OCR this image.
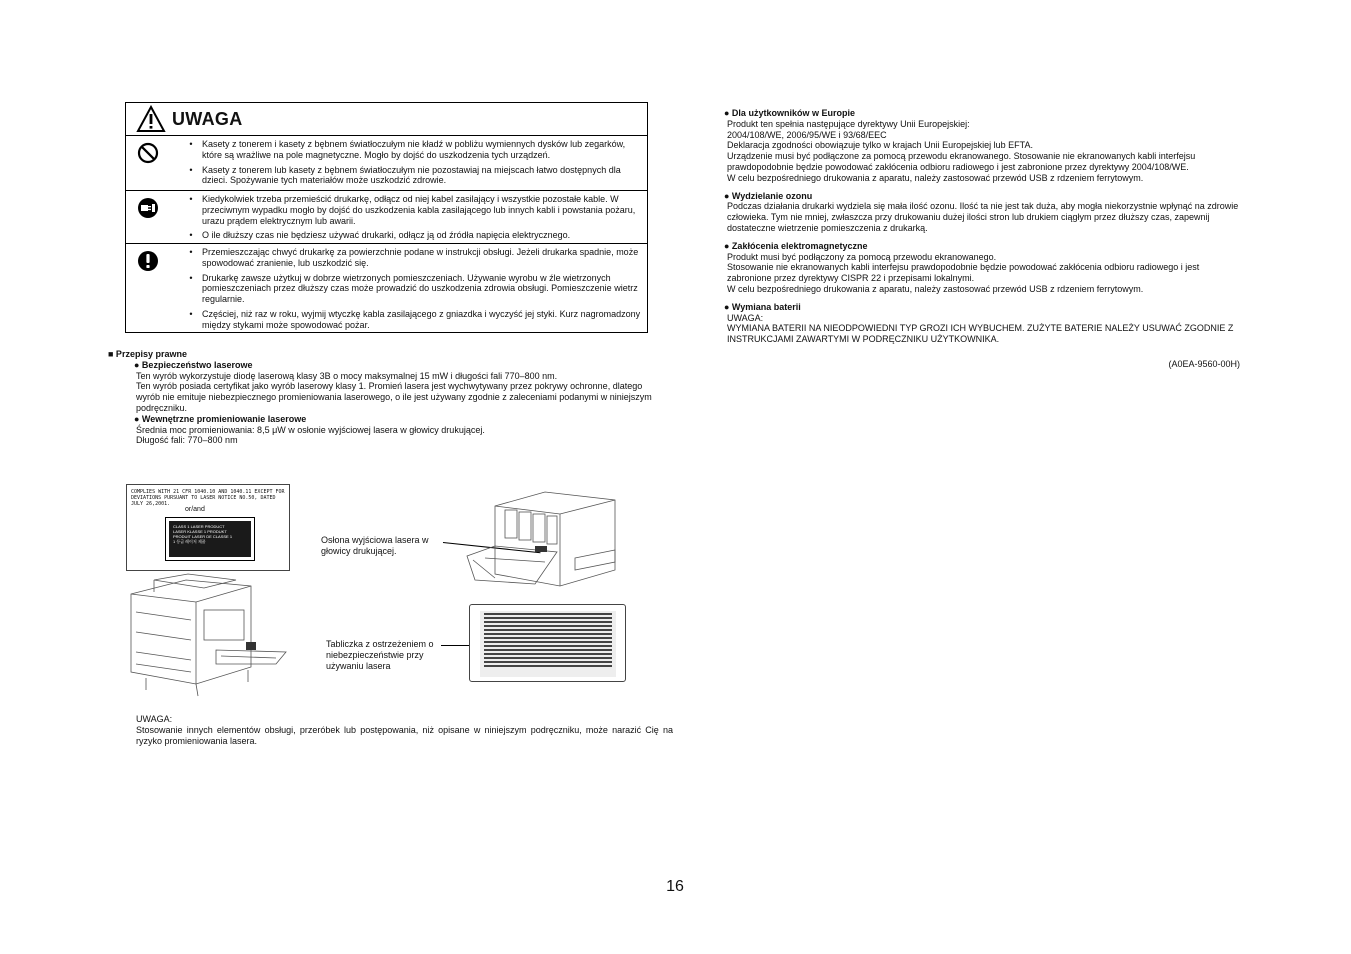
UWAGA
•	Kasety z tonerem i kasety z bębnem światłoczułym nie kładź w pobliżu wymiennych dysków lub zegarków, które są wrażliwe na pole magnetyczne. Mogło by dojść do uszkodzenia tych urządzeń.
•	Kasety z tonerem lub kasety z bębnem światłoczułym nie pozostawiaj na miejscach łatwo dostępnych dla dzieci. Spożywanie tych materiałów może uszkodzić zdrowie.
•	Kiedykolwiek trzeba przemieścić drukarkę, odłącz od niej kabel zasilający i wszystkie pozostałe kable. W przeciwnym wypadku mogło by dojść do uszkodzenia kabla zasilającego lub innych kabli i powstania pożaru, urazu prądem elektrycznym lub awarii.
•	O ile dłuższy czas nie będziesz używać drukarki, odłącz ją od źródła napięcia elektrycznego.
•	Przemieszczając chwyć drukarkę za powierzchnie podane w instrukcji obsługi. Jeżeli drukarka spadnie, może spowodować zranienie, lub uszkodzić się.
•	Drukarkę zawsze użytkuj w dobrze wietrzonych pomieszczeniach. Używanie wyrobu w źle wietrzonych pomieszczeniach przez dłuższy czas może prowadzić do uszkodzenia zdrowia obsługi. Pomieszczenie wietrz regularnie.
•	Częściej, niż raz w roku, wyjmij wtyczkę kabla zasilającego z gniazdka i wyczyść jej styki. Kurz nagromadzony między stykami może spowodować pożar.
■ Przepisy prawne
● Bezpieczeństwo laserowe
Ten wyrób wykorzystuje diodę laserową klasy 3B o mocy maksymalnej 15 mW i długości fali 770–800 nm.
Ten wyrób posiada certyfikat jako wyrób laserowy klasy 1. Promień lasera jest wychwytywany przez pokrywy ochronne, dlatego wyrób nie emituje niebezpiecznego promieniowania laserowego, o ile jest używany zgodnie z zaleceniami podanymi w niniejszym podręczniku.
● Wewnętrzne promieniowanie laserowe
Średnia moc promieniowania: 8,5 μW w osłonie wyjściowej lasera w głowicy drukującej.
Długość fali: 770–800 nm
COMPLIES WITH 21 CFR 1040.10 AND 1040.11 EXCEPT FOR DEVIATIONS PURSUANT TO LASER NOTICE NO.50, DATED JULY 26,2001.
or/and
CLASS 1 LASER PRODUCT
LASER KLASSE 1 PRODUKT
PRODUIT LASER DE CLASSE 1
1 등급 레이저 제품	Osłona wyjściowa lasera w głowicy drukującej.
Tabliczka z ostrzeżeniem o niebezpieczeństwie przy używaniu lasera
UWAGA:
Stosowanie innych elementów obsługi, przeróbek lub postępowania, niż opisane w niniejszym podręczniku, może narazić Cię na ryzyko promieniowania lasera.
● Dla użytkowników w Europie
Produkt ten spełnia następujące dyrektywy Unii Europejskiej:
2004/108/WE, 2006/95/WE i 93/68/EEC
Deklaracja zgodności obowiązuje tylko w krajach Unii Europejskiej lub EFTA.
Urządzenie musi być podłączone za pomocą przewodu ekranowanego. Stosowanie nie ekranowanych kabli interfejsu prawdopodobnie będzie powodować zakłócenia odbioru radiowego i jest zabronione przez dyrektywy 2004/108/WE.
W celu bezpośredniego drukowania z aparatu, należy zastosować przewód USB z rdzeniem ferrytowym.
● Wydzielanie ozonu
Podczas działania drukarki wydziela się mała ilość ozonu. Ilość ta nie jest tak duża, aby mogła niekorzystnie wpłynąć na zdrowie człowieka. Tym nie mniej, zwłaszcza przy drukowaniu dużej ilości stron lub drukiem ciągłym przez dłuższy czas, zapewnij dostateczne wietrzenie pomieszczenia z drukarką.
● Zakłócenia elektromagnetyczne
Produkt musi być podłączony za pomocą przewodu ekranowanego.
Stosowanie nie ekranowanych kabli interfejsu prawdopodobnie będzie powodować zakłócenia odbioru radiowego i jest zabronione przez dyrektywy CISPR 22 i przepisami lokalnymi.
W celu bezpośredniego drukowania z aparatu, należy zastosować przewód USB z rdzeniem ferrytowym.
● Wymiana baterii
UWAGA:
WYMIANA BATERII NA NIEODPOWIEDNI TYP GROZI ICH WYBUCHEM. ZUŻYTE BATERIE NALEŻY USUWAĆ ZGODNIE Z INSTRUKCJAMI ZAWARTYMI W PODRĘCZNIKU UŻYTKOWNIKA.
(A0EA-9560-00H)
16
